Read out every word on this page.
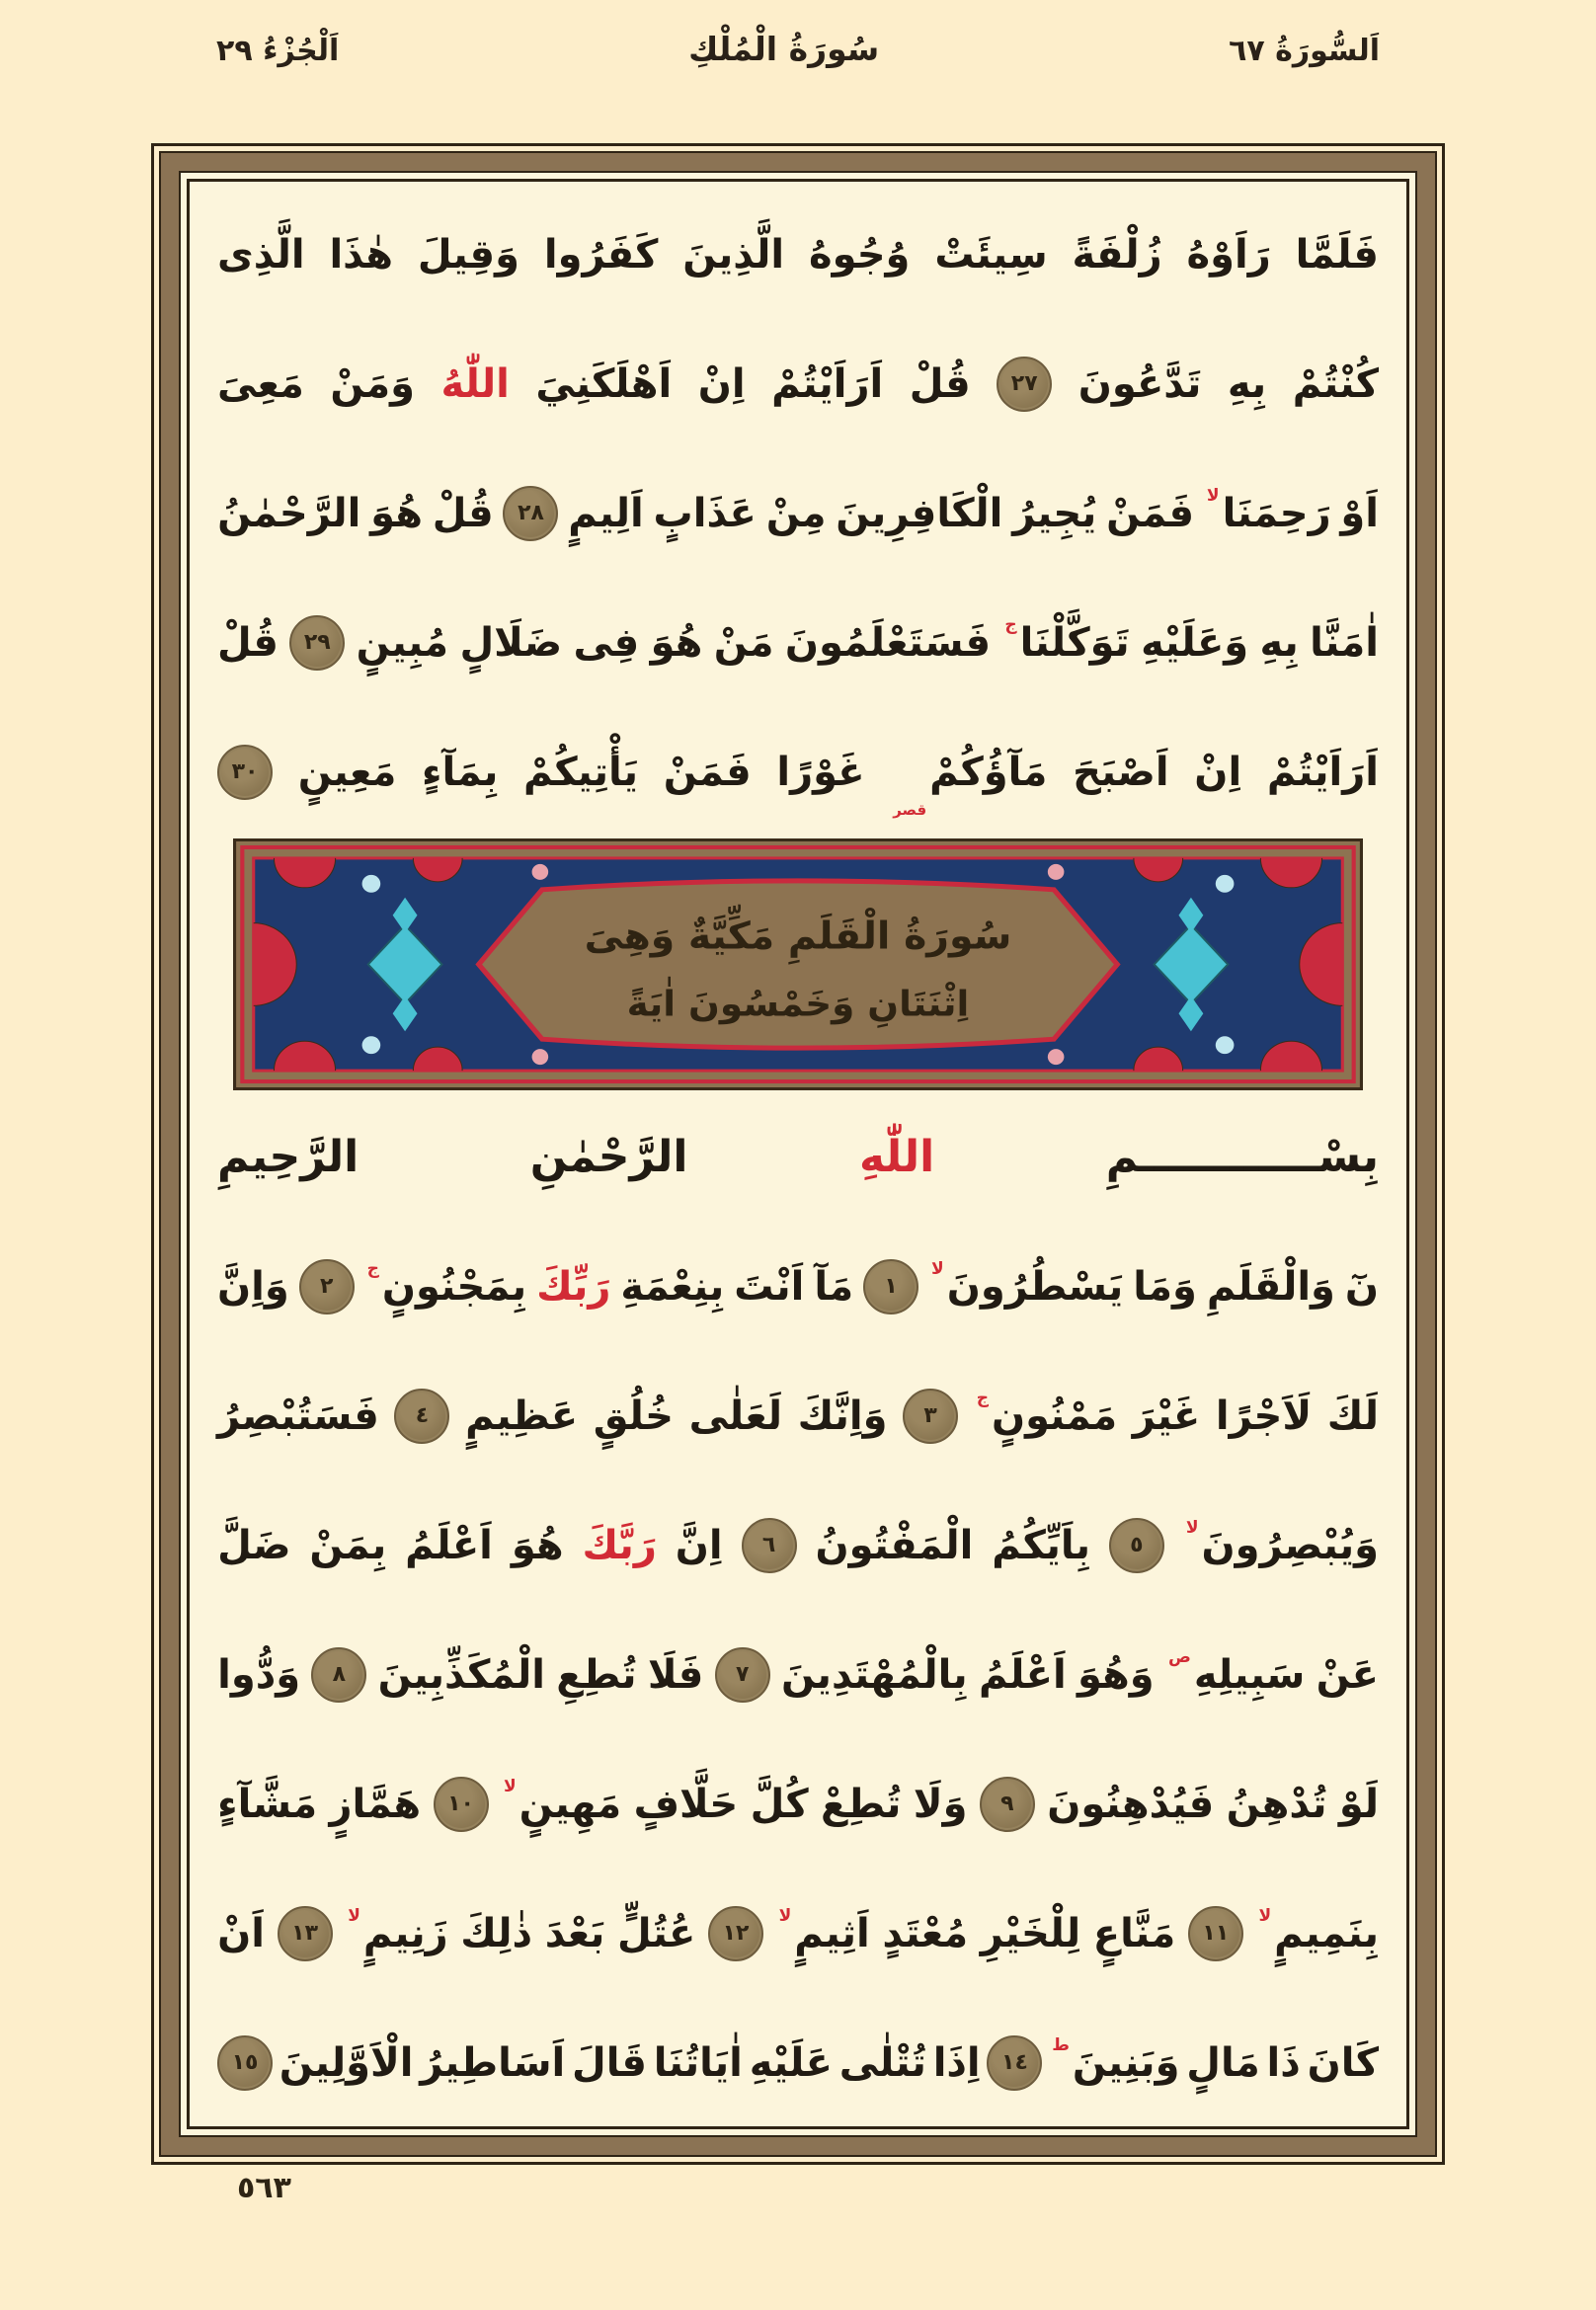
اَلسُّورَةُ ٦٧
سُورَةُ الْمُلْكِ
اَلْجُزْءُ ٢٩
فَلَمَّا
رَاَوْهُ
زُلْفَةً
سِيئَتْ
وُجُوهُ
الَّذِينَ
كَفَرُوا
وَقِيلَ
هٰذَا
الَّذِى
كُنْتُمْ
بِهِ
تَدَّعُونَ
٢٧
قُلْ
اَرَاَيْتُمْ
اِنْ
اَهْلَكَنِيَ
اللّٰهُ
وَمَنْ
مَعِىَ
اَوْ
رَحِمَنَالا
فَمَنْ
يُجِيرُ
الْكَافِرِينَ
مِنْ
عَذَابٍ
اَلِيمٍ
٢٨
قُلْ
هُوَ
الرَّحْمٰنُ
اٰمَنَّا
بِهِ
وَعَلَيْهِ
تَوَكَّلْنَاج
فَسَتَعْلَمُونَ
مَنْ
هُوَ
فِى
ضَلَالٍ
مُبِينٍ
٢٩
قُلْ
اَرَاَيْتُمْ
اِنْ
اَصْبَحَ
مَآؤُكُمْقصر
غَوْرًا
فَمَنْ
يَأْتِيكُمْ
بِمَآءٍ
مَعِينٍ
٣٠
سُورَةُ الْقَلَمِ مَكِّيَّةٌ وَهِىَ
اِثْنَتَانِ وَخَمْسُونَ اٰيَةً
بِسْــــــــــــمِ
اللّٰهِ
الرَّحْمٰنِ
الرَّحِيمِ
نٓ
وَالْقَلَمِ
وَمَا
يَسْطُرُونَلا
١
مَآ
اَنْتَ
بِنِعْمَةِ
رَبِّكَ
بِمَجْنُونٍج
٢
وَاِنَّ
لَكَ
لَاَجْرًا
غَيْرَ
مَمْنُونٍج
٣
وَاِنَّكَ
لَعَلٰى
خُلُقٍ
عَظِيمٍ
٤
فَسَتُبْصِرُ
وَيُبْصِرُونَلا
٥
بِاَيِّكُمُ
الْمَفْتُونُ
٦
اِنَّ
رَبَّكَ
هُوَ
اَعْلَمُ
بِمَنْ
ضَلَّ
عَنْ
سَبِيلِهِص
وَهُوَ
اَعْلَمُ
بِالْمُهْتَدِينَ
٧
فَلَا
تُطِعِ
الْمُكَذِّبِينَ
٨
وَدُّوا
لَوْ
تُدْهِنُ
فَيُدْهِنُونَ
٩
وَلَا
تُطِعْ
كُلَّ
حَلَّافٍ
مَهِينٍلا
١٠
هَمَّازٍ
مَشَّآءٍ
بِنَمِيمٍلا
١١
مَنَّاعٍ
لِلْخَيْرِ
مُعْتَدٍ
اَثِيمٍلا
١٢
عُتُلٍّ
بَعْدَ
ذٰلِكَ
زَنِيمٍلا
١٣
اَنْ
كَانَ
ذَا
مَالٍ
وَبَنِينَط
١٤
اِذَا
تُتْلٰى
عَلَيْهِ
اٰيَاتُنَا
قَالَ
اَسَاطِيرُ
الْاَوَّلِينَ
١٥
٥٦٣
